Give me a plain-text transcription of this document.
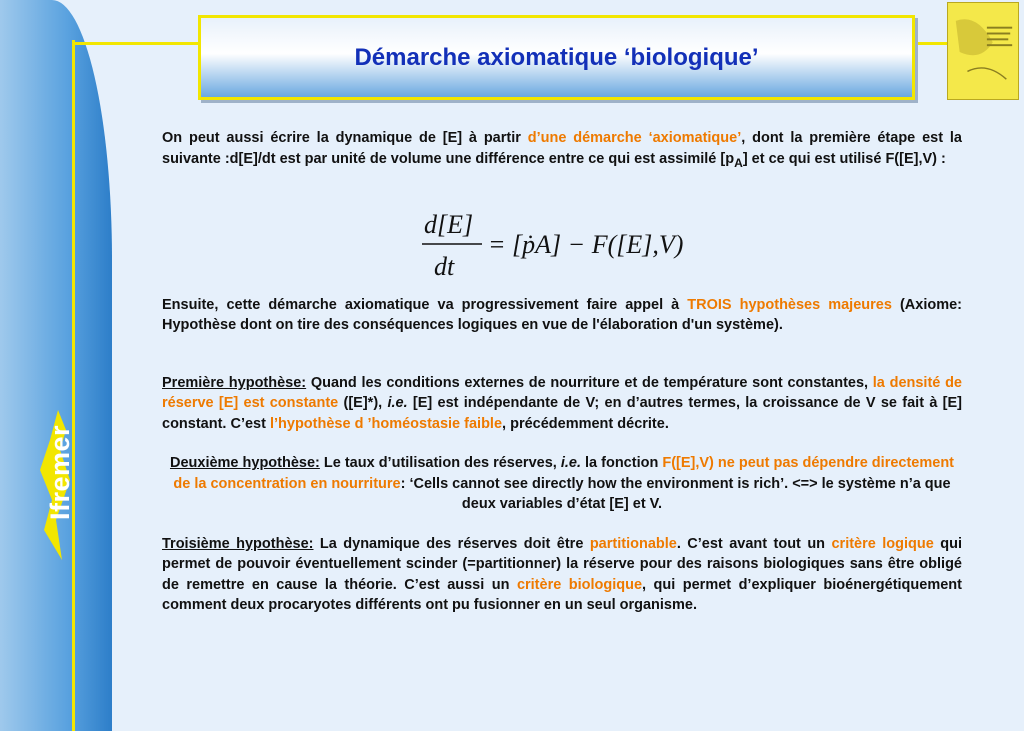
Ifremer
Démarche axiomatique ‘biologique’

On peut aussi écrire la dynamique de [E] à partir d’une démarche ‘axiomatique’, dont la première étape est la suivante :d[E]/dt est par unité de volume une différence entre ce qui est assimilé $[p_A]$ et ce qui est utilisé F([E],V) :

Ensuite, cette démarche axiomatique va progressivement faire appel à TROIS hypothèses majeures (Axiome: Hypothèse dont on tire des conséquences logiques en vue de l'élaboration d'un système).

Première hypothèse: Quand les conditions externes de nourriture et de température sont constantes, la densité de réserve [E] est constante ([E]*), i.e. [E] est indépendante de V; en d’autres termes, la croissance de V se fait à [E] constant. C’est l’hypothèse d ’homéostasie faible, précédemment décrite.

Deuxième hypothèse: Le taux d’utilisation des réserves, i.e. la fonction F([E],V) ne peut pas dépendre directement de la concentration en nourriture: ‘Cells cannot see directly how the environment is rich’. <=> le système n’a que deux variables d’état [E] et V.

Troisième hypothèse: La dynamique des réserves doit être partitionable. C’est avant tout un critère logique qui permet de pouvoir éventuellement scinder (=partitionner) la réserve pour des raisons biologiques sans être obligé de remettre en cause la théorie. C’est aussi un critère biologique, qui permet d’expliquer bioénergétiquement comment deux procaryotes différents ont pu fusionner en un seul organisme.

d[E]
dt
= [ṗA] − F([E],V)
